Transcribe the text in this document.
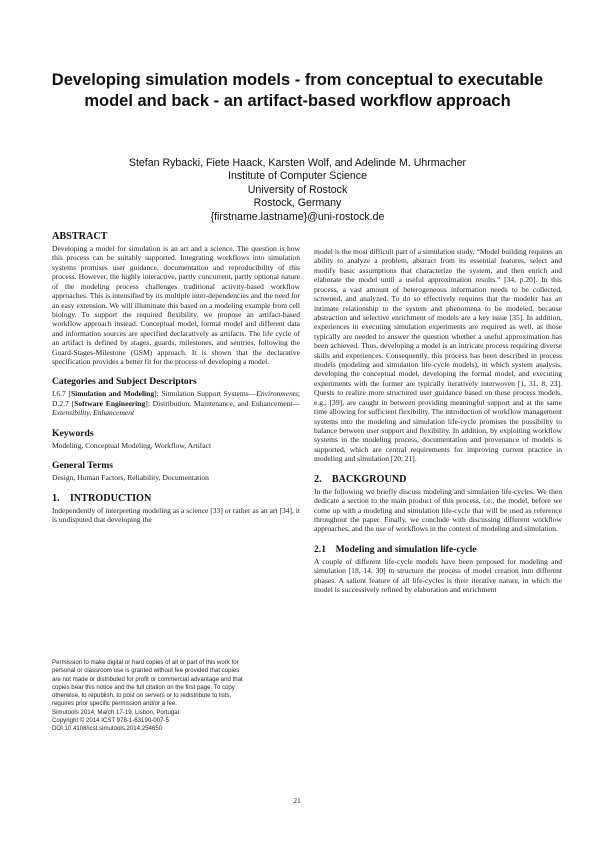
Developing simulation models - from conceptual to executable model and back - an artifact-based workflow approach
Stefan Rybacki, Fiete Haack, Karsten Wolf, and Adelinde M. Uhrmacher
Institute of Computer Science
University of Rostock
Rostock, Germany
{firstname.lastname}@uni-rostock.de
ABSTRACT

Developing a model for simulation is an art and a science. The question is how this process can be suitably supported. Integrating workflows into simulation systems promises user guidance, documentation and reproducibility of this process. However, the highly interactive, partly concurrent, partly optional nature of the modeling process challenges traditional activity-based workflow approaches. This is intensified by its multiple inter-dependencies and the need for an easy extension. We will illuminate this based on a modeling example from cell biology. To support the required flexibility, we propose an artifact-based workflow approach instead. Conceptual model, formal model and different data and information sources are specified declaratively as artifacts. The life cycle of an artifact is defined by stages, guards, milestones, and sentries, following the Guard-Stages-Milestone (GSM) approach. It is shown that the declarative specification provides a better fit for the process of developing a model.

Categories and Subject Descriptors

I.6.7 [Simulation and Modeling]: Simulation Support Systems—Environments; D.2.7 [Software Engineering]: Distribution, Maintenance, and Enhancement—Extensibility, Enhancement

Keywords

Modeling, Conceptual Modeling, Workflow, Artifact

General Terms

Design, Human Factors, Reliability, Documentation

1.    INTRODUCTION

Independently of interpreting modeling as a science [33] or rather as an art [34], it is undisputed that developing the

model is the most difficult part of a simulation study. “Model building requires an ability to analyze a problem, abstract from its essential features, select and modify basic assumptions that characterize the system, and then enrich and elaborate the model until a useful approximation results.” [34, p.20]. In this process, a vast amount of heterogeneous information needs to be collected, screened, and analyzed. To do so effectively requires that the modeler has an intimate relationship to the system and phenomena to be modeled, because abstraction and selective enrichment of models are a key issue [35]. In addition, experiences in executing simulation experiments are required as well, as those typically are needed to answer the question whether a useful approximation has been achieved. Thus, developing a model is an intricate process requiring diverse skills and experiences. Consequently, this process has been described in process models (modeling and simulation life-cycle models), in which system analysis, developing the conceptual model, developing the formal model, and executing experiments with the former are typically iteratively interwoven [1, 31, 8, 23]. Quests to realize more structured user guidance based on these process models, e.g., [39], are caught in between providing meaningful support and at the same time allowing for sufficient flexibility. The introduction of workflow management systems into the modeling and simulation life-cycle promises the possibility to balance between user support and flexibility. In addition, by exploiting workflow systems in the modeling process, documentation and provenance of models is supported, which are central requirements for improving current practice in modeling and simulation [20, 21].

2.    BACKGROUND

In the following we briefly discuss modeling and simulation life-cycles. We then dedicate a section to the main product of this process, i.e., the model, before we come up with a modeling and simulation life-cycle that will be used as reference throughout the paper. Finally, we conclude with discussing different workflow approaches, and the use of workflows in the context of modeling and simulation.

2.1    Modeling and simulation life-cycle

A couple of different life-cycle models have been proposed for modeling and simulation [18, 14, 30] to structure the process of model creation into different phases. A salient feature of all life-cycles is their iterative nature, in which the model is successively refined by elaboration and enrichment

Permission to make digital or hard copies of all or part of this work for
personal or classroom use is granted without fee provided that copies
are not made or distributed for profit or commercial advantage and that
copies bear this notice and the full citation on the first page. To copy
otherwise, to republish, to post on servers or to redistribute to lists,
requires prior specific permission and/or a fee.
Simutools 2014, March 17-19, Lisbon, Portugal
Copyright © 2014 ICST 978-1-63190-007-5
DOI 10.4108/icst.simutools.2014.254650
21
